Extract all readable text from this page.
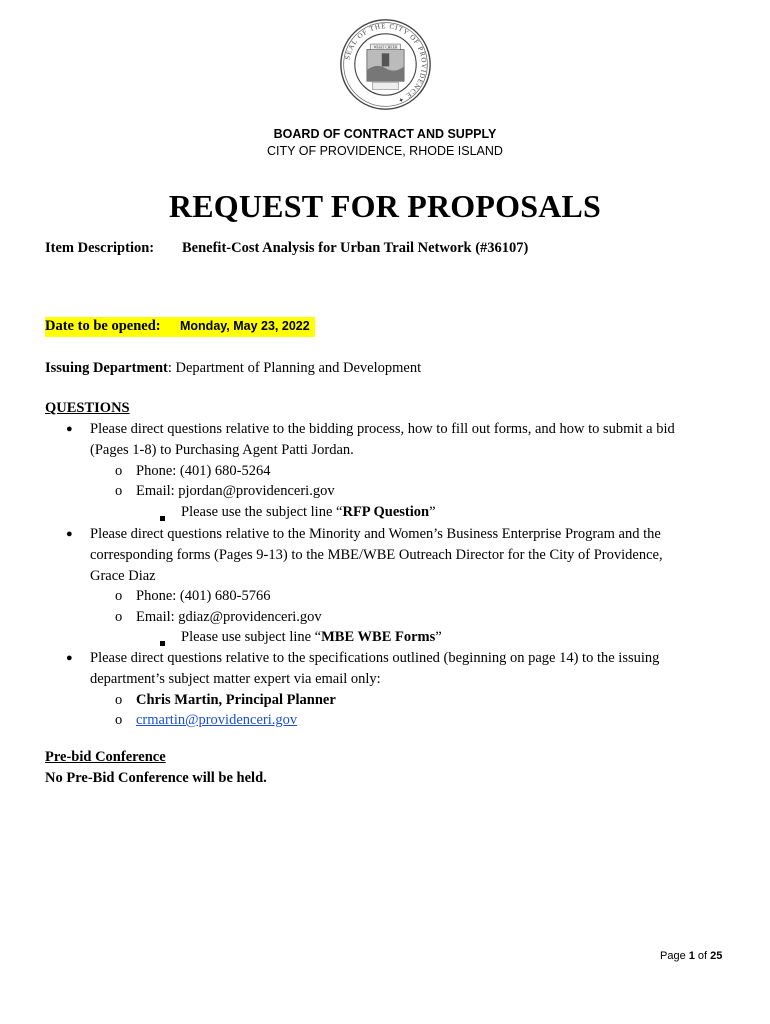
SEAL OF THE CITY OF PROVIDENCE ✦
WHAT CHEER
BOARD OF CONTRACT AND SUPPLY
CITY OF PROVIDENCE, RHODE ISLAND
REQUEST FOR PROPOSALS
Item Description: Benefit-Cost Analysis for Urban Trail Network (#36107)
Date to be opened: Monday, May 23, 2022
Issuing Department: Department of Planning and Development
QUESTIONS
● Please direct questions relative to the bidding process, how to fill out forms, and how to submit a bid
(Pages 1-8) to Purchasing Agent Patti Jordan.
o Phone: (401) 680-5264
o Email: pjordan@providenceri.gov
Please use the subject line “RFP Question”
● Please direct questions relative to the Minority and Women’s Business Enterprise Program and the
corresponding forms (Pages 9-13) to the MBE/WBE Outreach Director for the City of Providence,
Grace Diaz
o Phone: (401) 680-5766
o Email: gdiaz@providenceri.gov
Please use subject line “MBE WBE Forms”
● Please direct questions relative to the specifications outlined (beginning on page 14) to the issuing
department’s subject matter expert via email only:
o Chris Martin, Principal Planner
o crmartin@providenceri.gov
Pre-bid Conference
No Pre-Bid Conference will be held.
Page 1 of 25
